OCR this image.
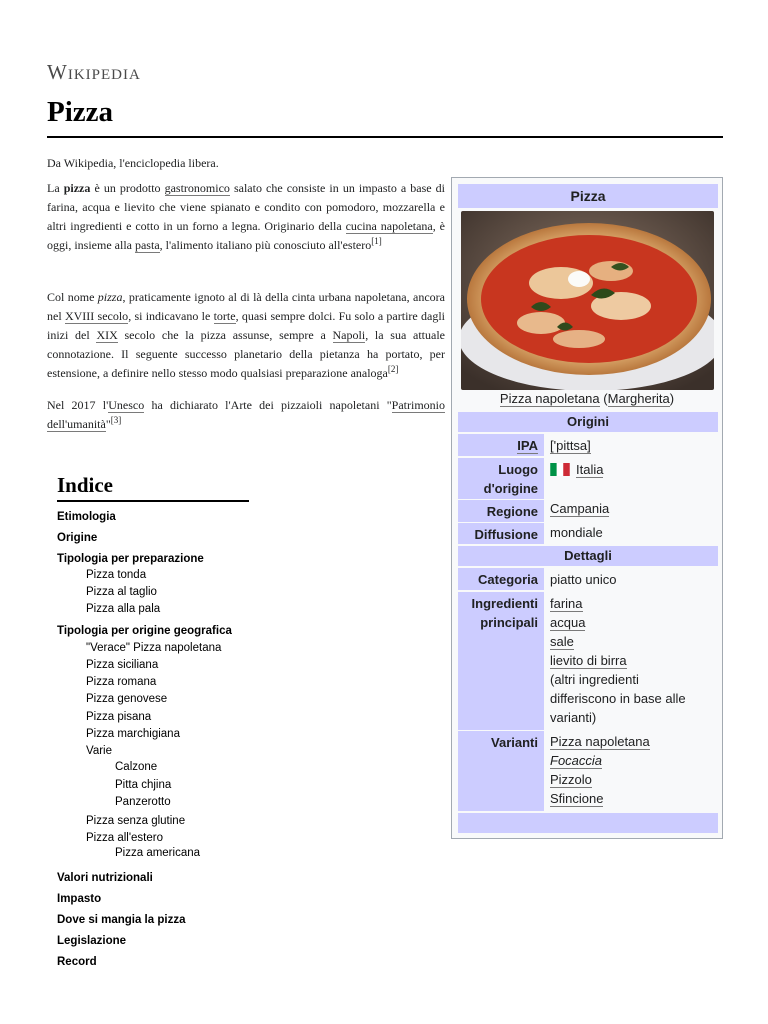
Wikipedia
Pizza
Da Wikipedia, l'enciclopedia libera.

La pizza è un prodotto gastronomico salato che consiste in un impasto a base di farina, acqua e lievito che viene spianato e condito con pomodoro, mozzarella e altri ingredienti e cotto in un forno a legna. Originario della cucina napoletana, è oggi, insieme alla pasta, l'alimento italiano più conosciuto all'estero[1]

Col nome pizza, praticamente ignoto al di là della cinta urbana napoletana, ancora nel XVIII secolo, si indicavano le torte, quasi sempre dolci. Fu solo a partire dagli inizi del XIX secolo che la pizza assunse, sempre a Napoli, la sua attuale connotazione. Il seguente successo planetario della pietanza ha portato, per estensione, a definire nello stesso modo qualsiasi preparazione analoga[2]

Nel 2017 l'Unesco ha dichiarato l'Arte dei pizzaioli napoletani "Patrimonio dell'umanità"[3]

Indice
Etimologia
Origine
Tipologia per preparazione
Pizza tonda
Pizza al taglio
Pizza alla pala
Tipologia per origine geografica
"Verace" Pizza napoletana
Pizza siciliana
Pizza romana
Pizza genovese
Pizza pisana
Pizza marchigiana
Varie
Calzone
Pitta chjina
Panzerotto
Pizza senza glutine
Pizza all'estero
Pizza americana
Valori nutrizionali
Impasto
Dove si mangia la pizza
Legislazione
Record
Pizza
Pizza napoletana (Margherita)
Origini
IPA ['pittsa]
Luogo
d'origine
Italia
Regione Campania
Diffusione mondiale
Dettagli
Categoria piatto unico
Ingredienti
principali
farina
acqua
sale
lievito di birra
(altri ingredienti
differiscono in base alle
varianti)
Varianti Pizza napoletana
Focaccia
Pizzolo
Sfincione
